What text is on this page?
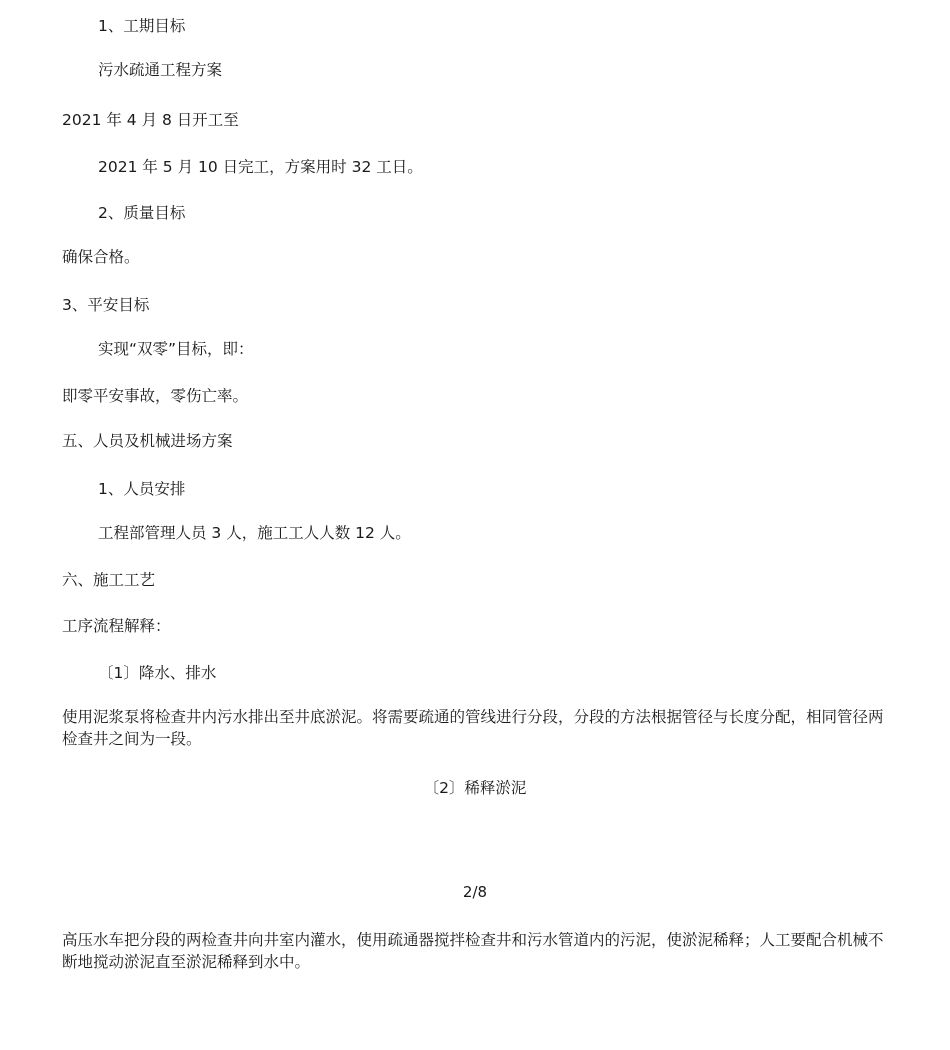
1、工期目标
污水疏通工程方案
2021 年 4 月 8 日开工至
2021 年 5 月 10 日完工，方案用时 32 工日。
2、质量目标
确保合格。
3、平安目标
实现“双零”目标，即：
即零平安事故，零伤亡率。
五、人员及机械进场方案
1、人员安排
工程部管理人员 3 人，施工工人人数 12 人。
六、施工工艺
工序流程解释：
〔1〕降水、排水
使用泥浆泵将检查井内污水排出至井底淤泥。将需要疏通的管线进行分段，分段的方法根据管径与长度分配，相同管径两检查井之间为一段。
〔2〕稀释淤泥
2/8
高压水车把分段的两检查井向井室内灌水，使用疏通器搅拌检查井和污水管道内的污泥，使淤泥稀释；人工要配合机械不断地搅动淤泥直至淤泥稀释到水中。
